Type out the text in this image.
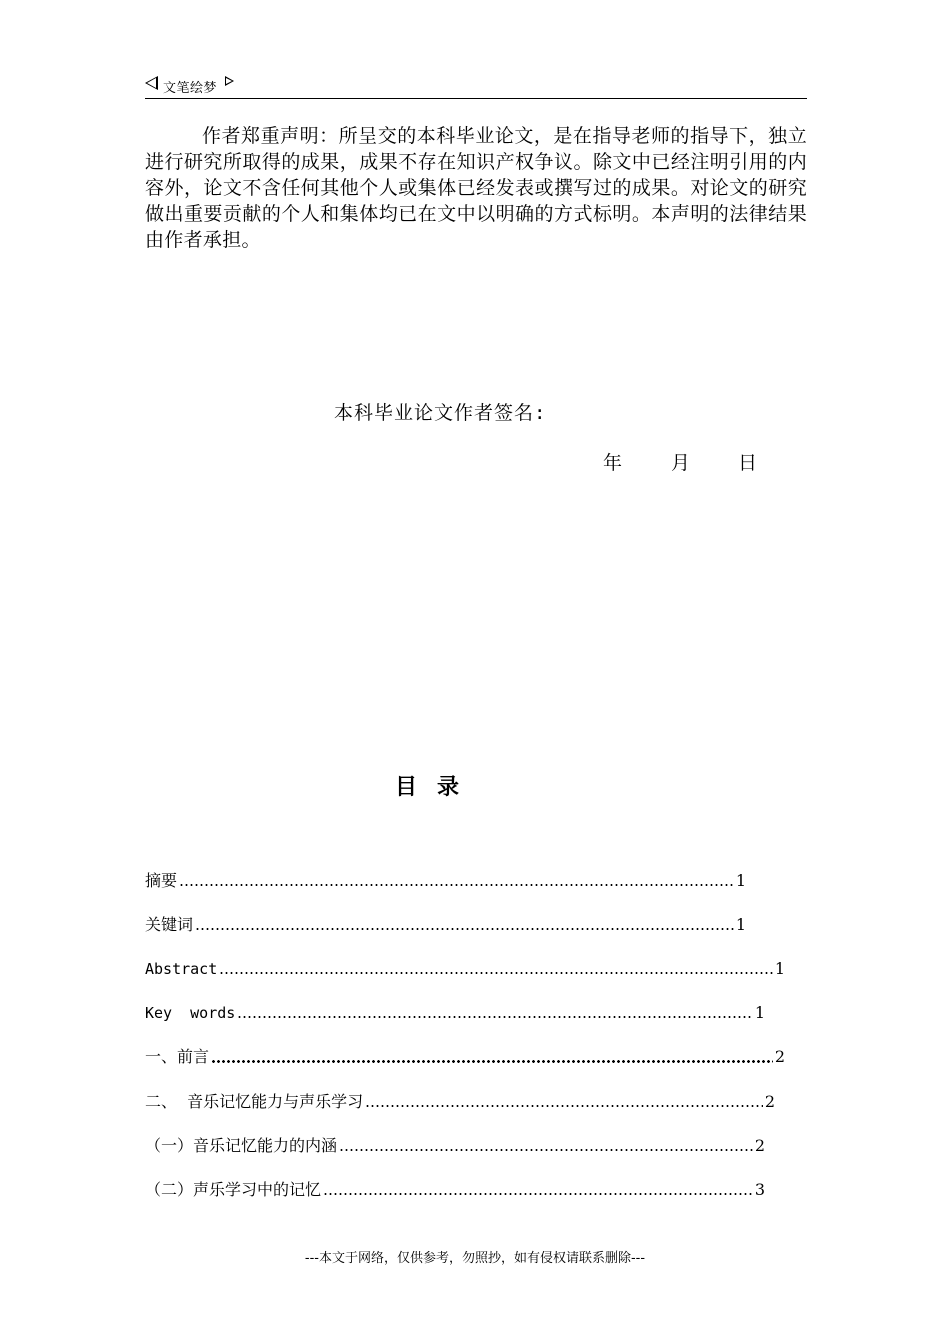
文笔绘梦
作者郑重声明：所呈交的本科毕业论文，是在指导老师的指导下，独立进行研究所取得的成果，成果不存在知识产权争议。除文中已经注明引用的内容外，论文不含任何其他个人或集体已经发表或撰写过的成果。对论文的研究做出重要贡献的个人和集体均已在文中以明确的方式标明。本声明的法律结果由作者承担。
本科毕业论文作者签名:
年	月	日
目录
摘要	1
关键词	1
Abstract	1
Key  words	1
一、前言	2
二、  音乐记忆能力与声乐学习	2
（一）音乐记忆能力的内涵	2
（二）声乐学习中的记忆	3
---本文于网络，仅供参考，勿照抄，如有侵权请联系删除---
